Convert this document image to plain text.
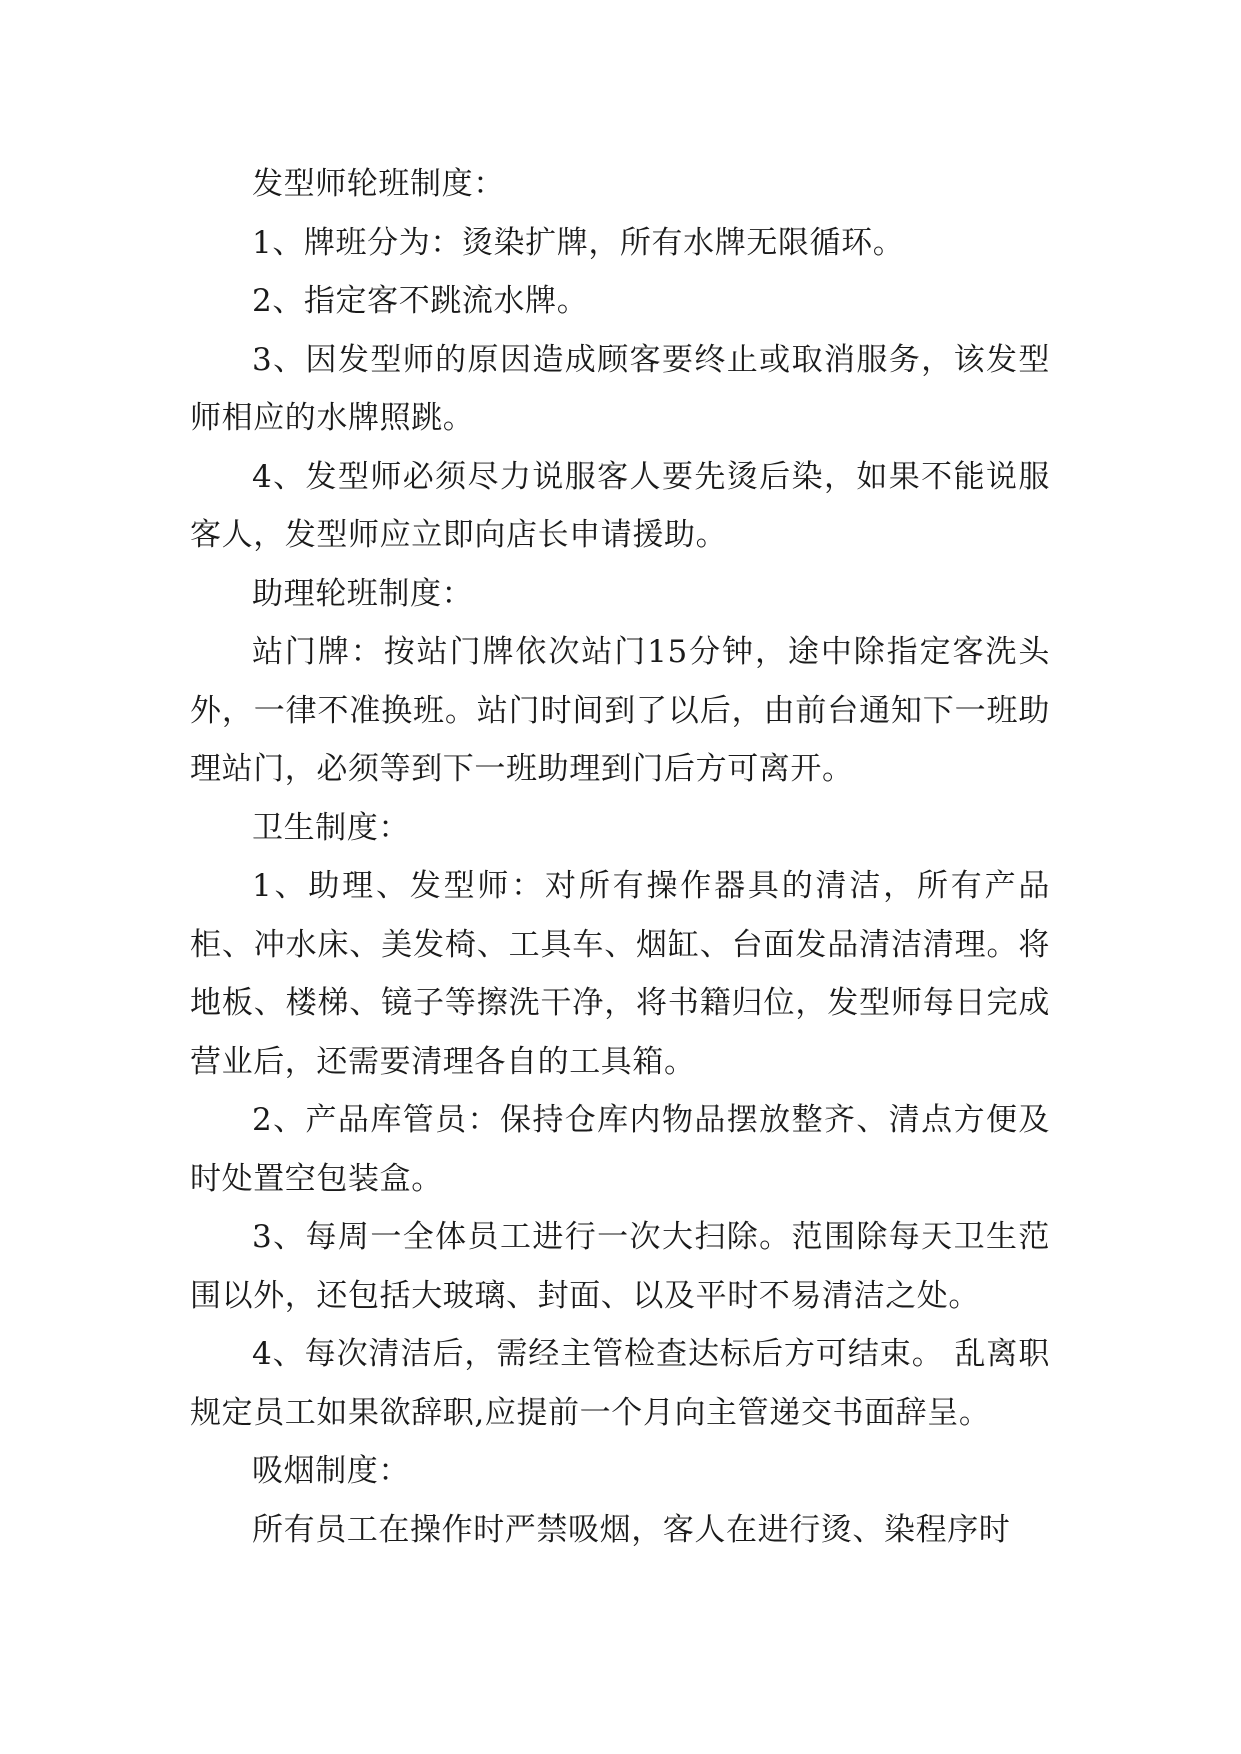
发型师轮班制度：

1、牌班分为：烫染扩牌，所有水牌无限循环。

2、指定客不跳流水牌。

3、因发型师的原因造成顾客要终止或取消服务，该发型师相应的水牌照跳。

4、发型师必须尽力说服客人要先烫后染，如果不能说服客人，发型师应立即向店长申请援助。

助理轮班制度：

站门牌：按站门牌依次站门15分钟，途中除指定客洗头外，一律不准换班。站门时间到了以后，由前台通知下一班助理站门，必须等到下一班助理到门后方可离开。

卫生制度：

1、助理、发型师：对所有操作器具的清洁，所有产品柜、冲水床、美发椅、工具车、烟缸、台面发品清洁清理。将地板、楼梯、镜子等擦洗干净，将书籍归位，发型师每日完成营业后，还需要清理各自的工具箱。

2、产品库管员：保持仓库内物品摆放整齐、清点方便及时处置空包装盒。

3、每周一全体员工进行一次大扫除。范围除每天卫生范围以外，还包括大玻璃、封面、以及平时不易清洁之处。

4、每次清洁后，需经主管检查达标后方可结束。 乱离职规定员工如果欲辞职,应提前一个月向主管递交书面辞呈。

吸烟制度：

所有员工在操作时严禁吸烟，客人在进行烫、染程序时
